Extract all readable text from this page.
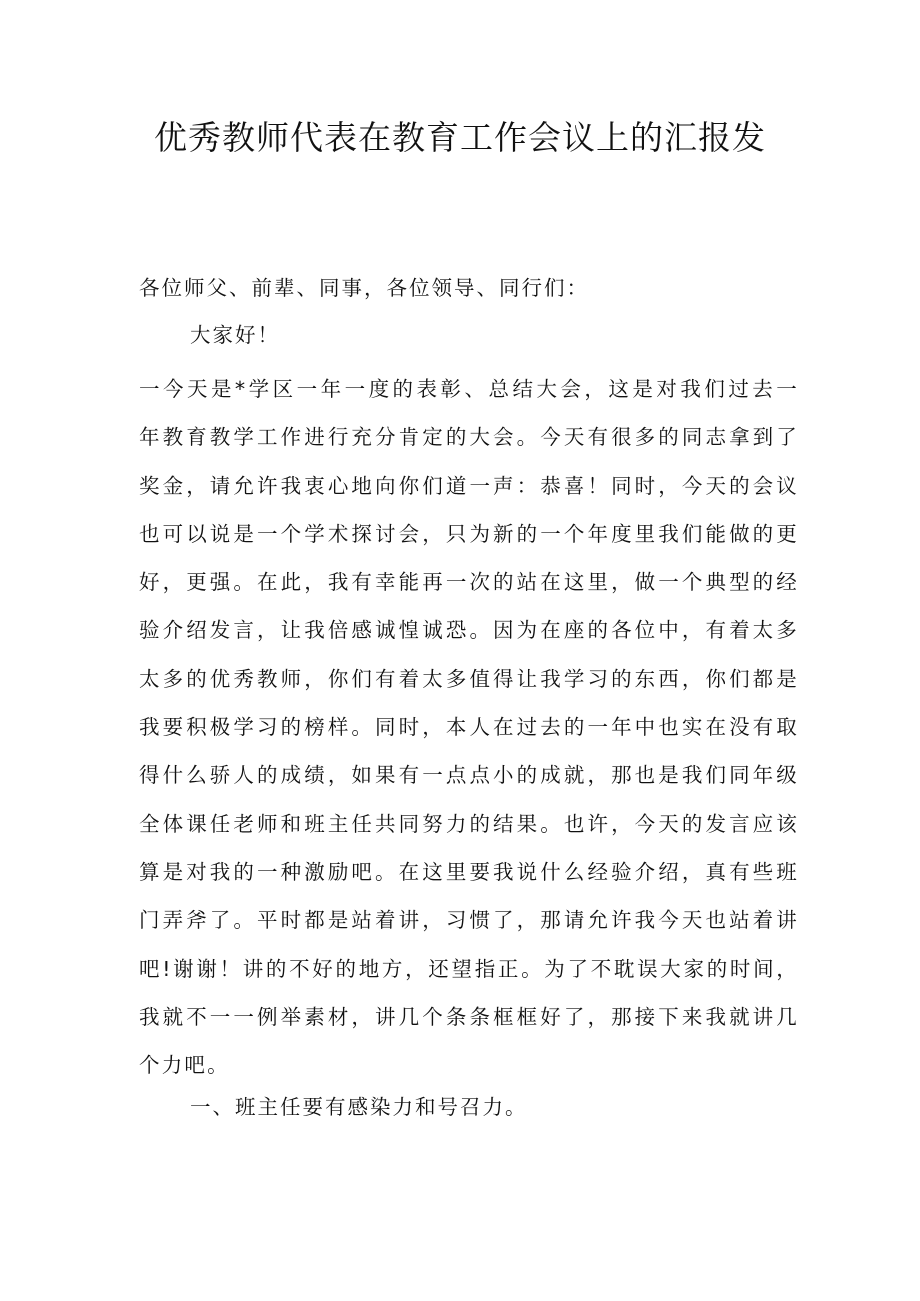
优秀教师代表在教育工作会议上的汇报发

各位师父、前辈、同事，各位领导、同行们：

大家好！

一今天是*学区一年一度的表彰、总结大会，这是对我们过去一
年教育教学工作进行充分肯定的大会。今天有很多的同志拿到了
奖金，请允许我衷心地向你们道一声：恭喜！同时，今天的会议
也可以说是一个学术探讨会，只为新的一个年度里我们能做的更
好，更强。在此，我有幸能再一次的站在这里，做一个典型的经
验介绍发言，让我倍感诚惶诚恐。因为在座的各位中，有着太多
太多的优秀教师，你们有着太多值得让我学习的东西，你们都是
我要积极学习的榜样。同时，本人在过去的一年中也实在没有取
得什么骄人的成绩，如果有一点点小的成就，那也是我们同年级
全体课任老师和班主任共同努力的结果。也许，今天的发言应该
算是对我的一种激励吧。在这里要我说什么经验介绍，真有些班
门弄斧了。平时都是站着讲，习惯了，那请允许我今天也站着讲
吧!谢谢！讲的不好的地方，还望指正。为了不耽误大家的时间，
我就不一一例举素材，讲几个条条框框好了，那接下来我就讲几
个力吧。

一、班主任要有感染力和号召力。
